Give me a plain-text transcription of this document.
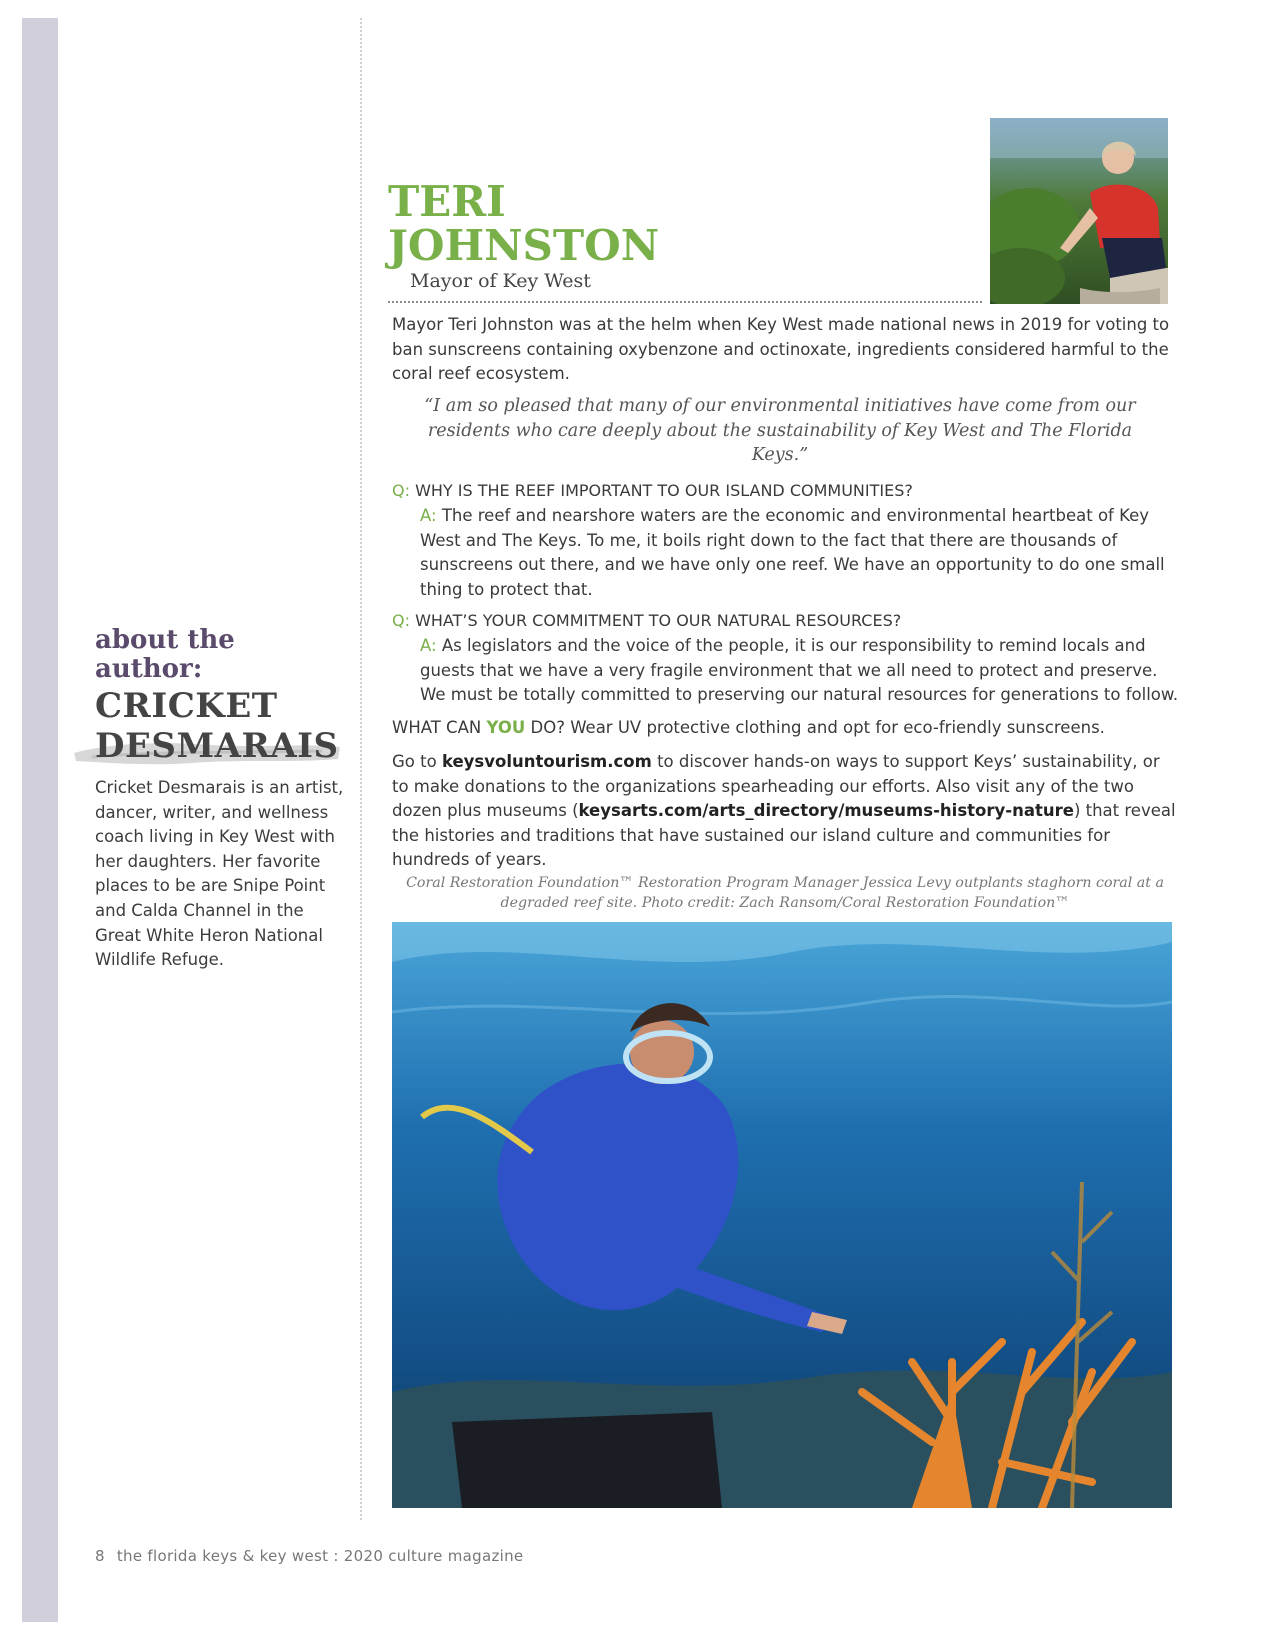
about the
author:
CRICKET
DESMARAIS
Cricket Desmarais is an artist, dancer, writer, and wellness coach living in Key West with her daughters. Her favorite places to be are Snipe Point and Calda Channel in the Great White Heron National Wildlife Refuge.
TERI
JOHNSTON
Mayor of Key West
Mayor Teri Johnston was at the helm when Key West made national news in 2019 for voting to ban sunscreens containing oxybenzone and octinoxate, ingredients considered harmful to the coral reef ecosystem.
“I am so pleased that many of our environmental initiatives have come from our residents who care deeply about the sustainability of Key West and The Florida Keys.”
Q: WHY IS THE REEF IMPORTANT TO OUR ISLAND COMMUNITIES?
A: The reef and nearshore waters are the economic and environmental heartbeat of Key West and The Keys. To me, it boils right down to the fact that there are thousands of sunscreens out there, and we have only one reef. We have an opportunity to do one small thing to protect that.
Q: WHAT’S YOUR COMMITMENT TO OUR NATURAL RESOURCES?
A: As legislators and the voice of the people, it is our responsibility to remind locals and guests that we have a very fragile environment that we all need to protect and preserve. We must be totally committed to preserving our natural resources for generations to follow.
WHAT CAN YOU DO? Wear UV protective clothing and opt for eco-friendly sunscreens.
Go to keysvoluntourism.com to discover hands-on ways to support Keys’ sustainability, or to make donations to the organizations spearheading our efforts. Also visit any of the two dozen plus museums (keysarts.com/arts_directory/museums-history-nature) that reveal the histories and traditions that have sustained our island culture and communities for hundreds of years.
Coral Restoration Foundation™ Restoration Program Manager Jessica Levy outplants staghorn coral at a degraded reef site. Photo credit: Zach Ransom/Coral Restoration Foundation™
8 the florida keys & key west : 2020 culture magazine
